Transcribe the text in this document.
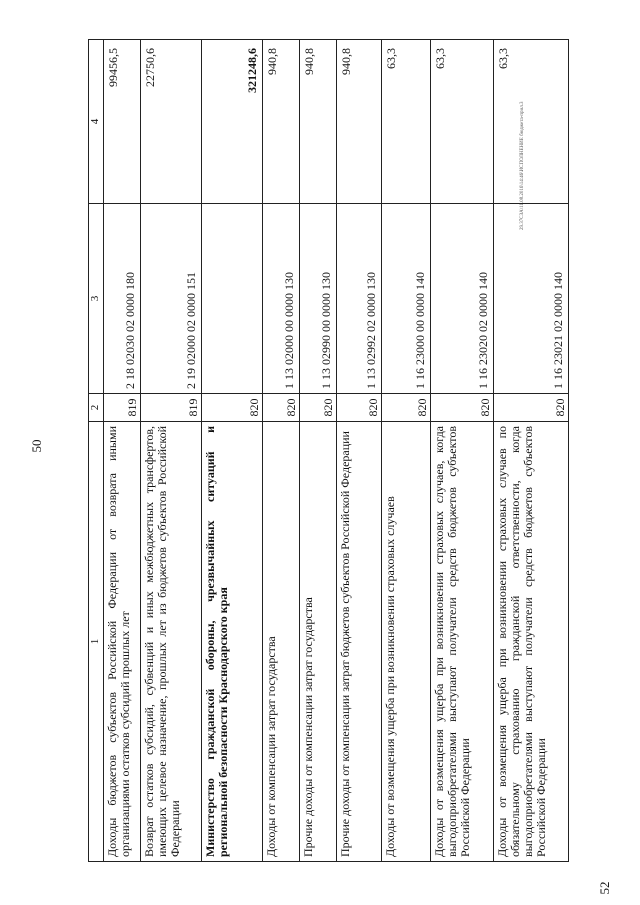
50
52
29.37СЗА\11.08.2016\14:46\ИСПОЛНЕНИЕ бюджета-прил.3
1	2	3	4
Доходы бюджетов субъектов Российской Федерации от возврата иными организациями остатков субсидий прошлых лет	819	2 18 02030 02 0000 180	99456,5
Возврат остатков субсидий, субвенций и иных межбюджетных трансфертов, имеющих целевое назначение, прошлых лет из бюджетов субъектов Российской Федерации	819	2 19 02000 02 0000 151	22750,6
Министерство гражданской обороны, чрезвычайных ситуаций и региональной безопасности Краснодарского края	820		321248,6
Доходы от компенсации затрат государства	820	1 13 02000 00 0000 130	940,8
Прочие доходы от компенсации затрат государства	820	1 13 02990 00 0000 130	940,8
Прочие доходы от компенсации затрат бюджетов субъектов Российской Федерации	820	1 13 02992 02 0000 130	940,8
Доходы от возмещения ущерба при возникновении страховых случаев	820	1 16 23000 00 0000 140	63,3
Доходы от возмещения ущерба при возникновении страховых случаев, когда выгодоприобретателями выступают получатели средств бюджетов субъектов Российской Федерации	820	1 16 23020 02 0000 140	63,3
Доходы от возмещения ущерба при возникновении страховых случаев по обязательному страхованию гражданской ответственности, когда выгодоприобретателями выступают получатели средств бюджетов субъектов Российской Федерации	820	1 16 23021 02 0000 140	63,3
